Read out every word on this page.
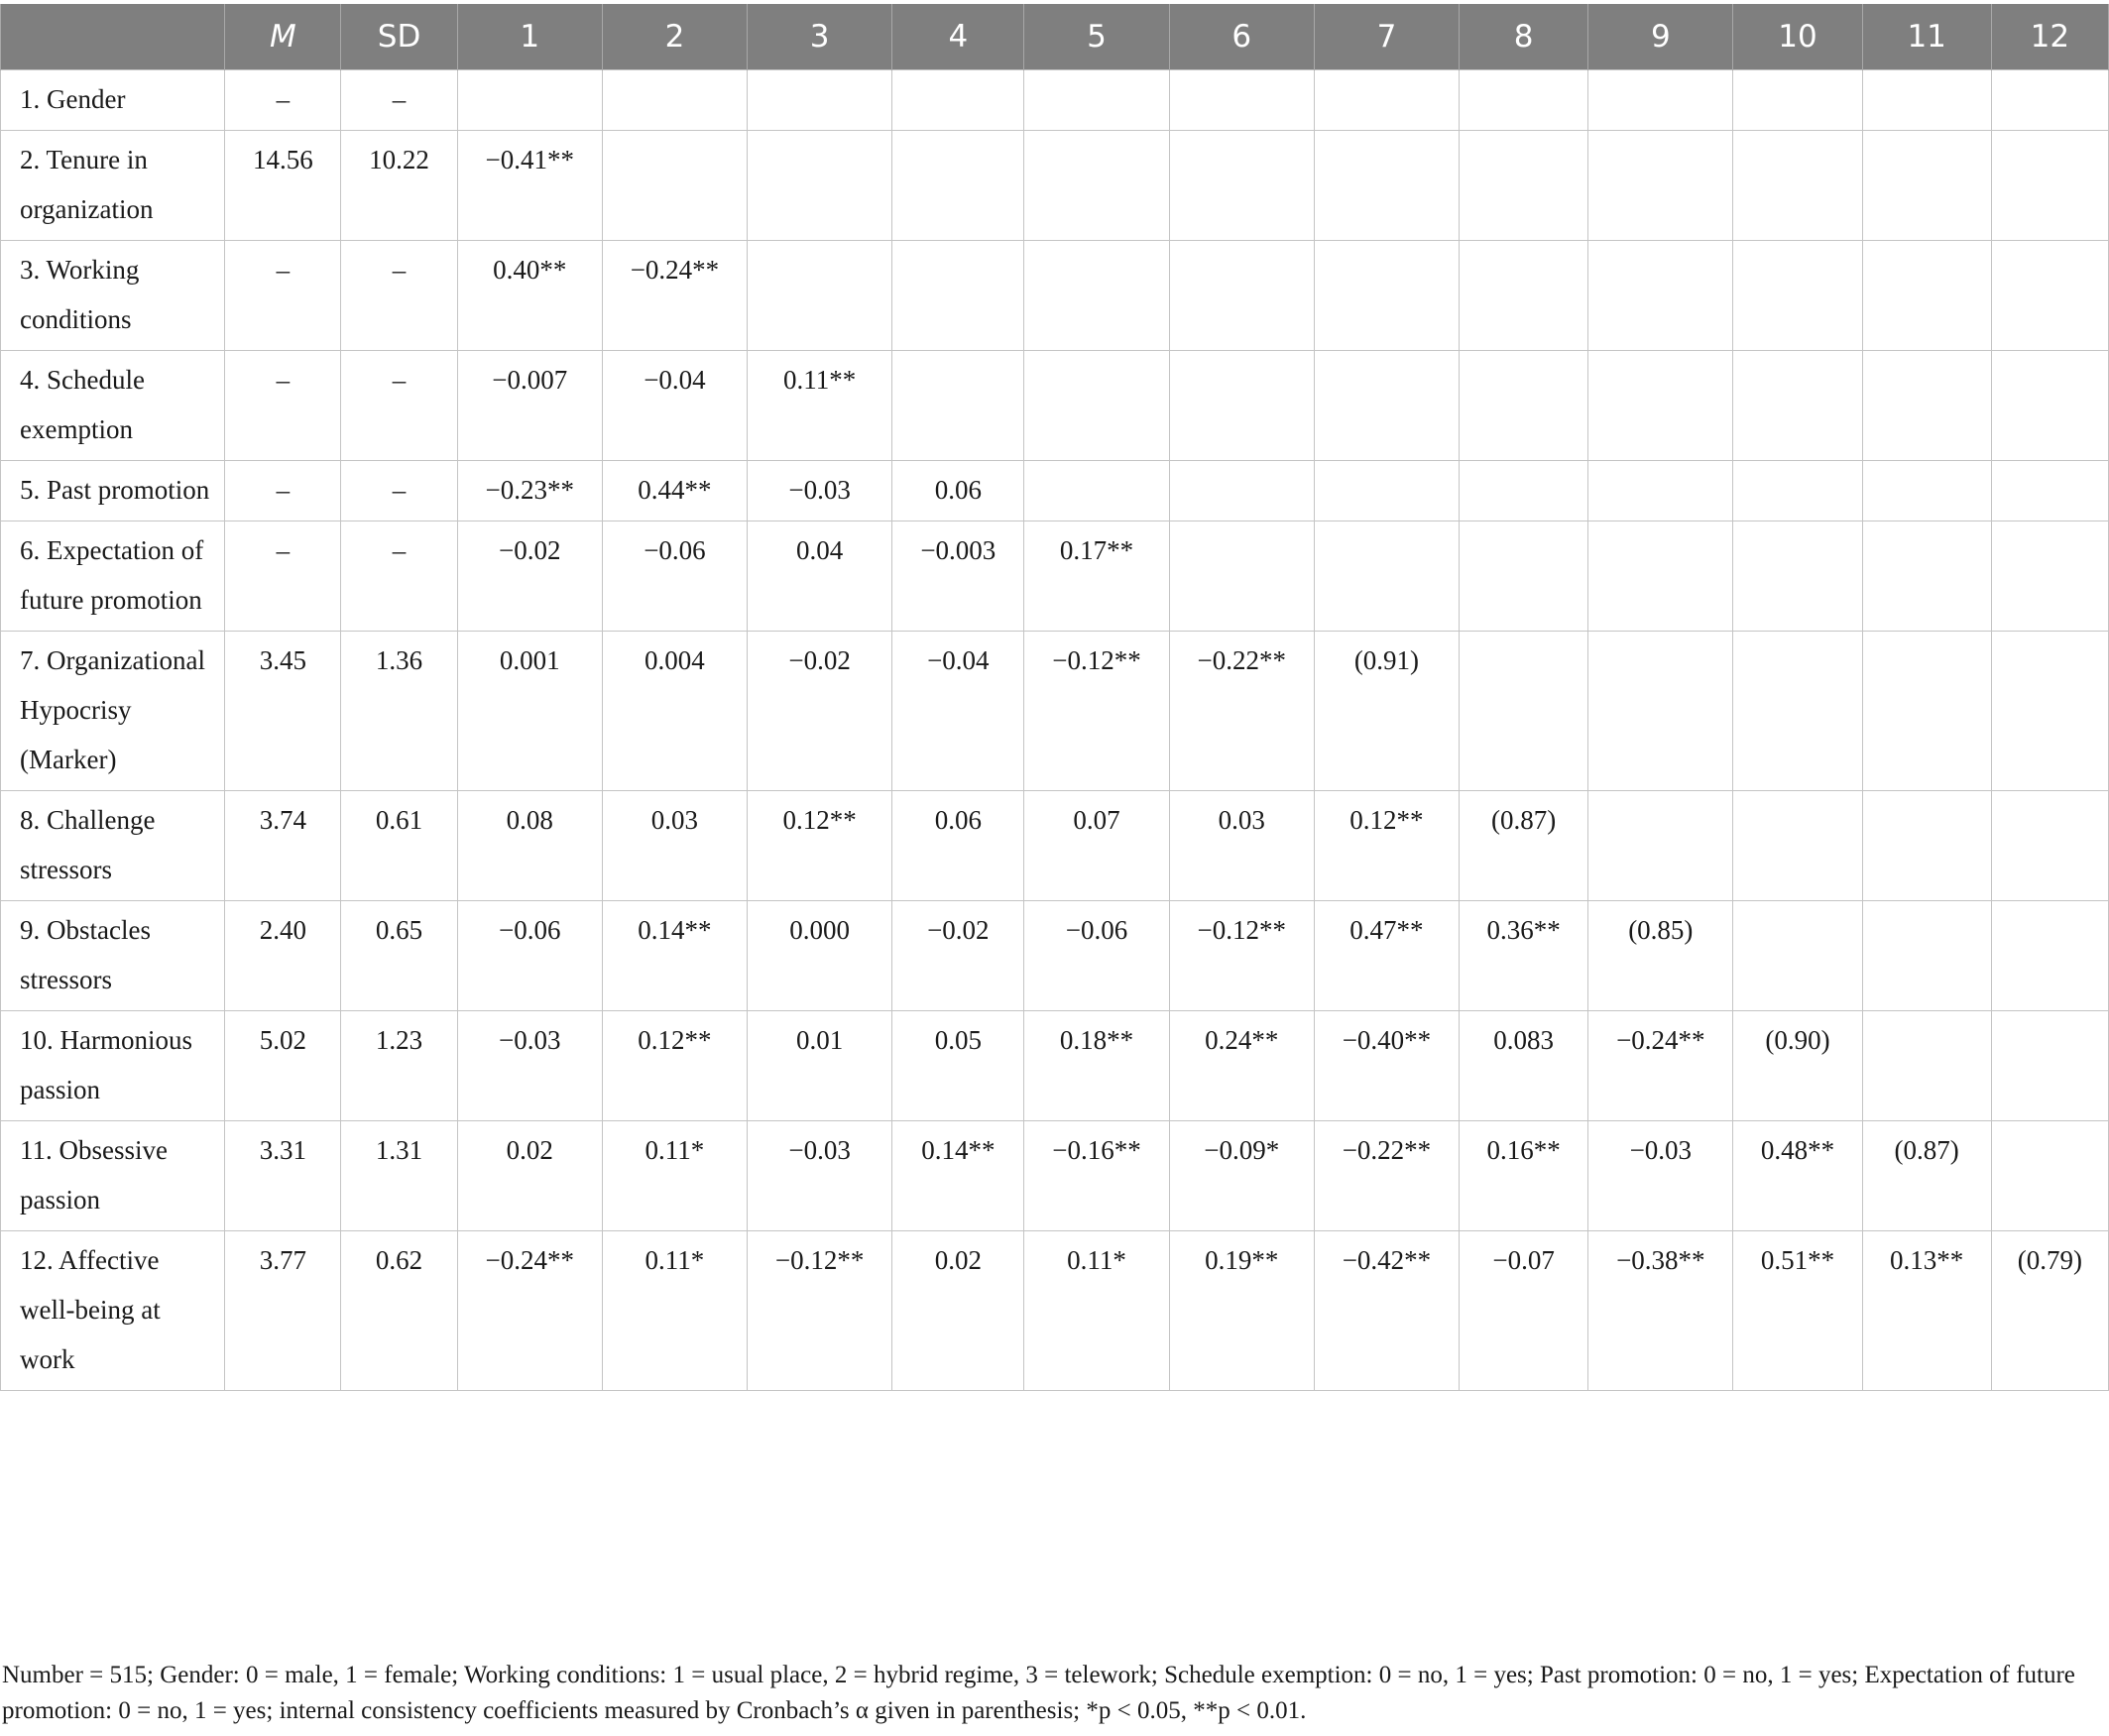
	M	SD	1	2	3	4	5	6	7	8	9	10	11	12
1. Gender	–	–												
2. Tenure in organization	14.56	10.22	−0.41**											
3. Working conditions	–	–	0.40**	−0.24**										
4. Schedule exemption	–	–	−0.007	−0.04	0.11**									
5. Past promotion	–	–	−0.23**	0.44**	−0.03	0.06								
6. Expectation of future promotion	–	–	−0.02	−0.06	0.04	−0.003	0.17**							
7. Organizational Hypocrisy (Marker)	3.45	1.36	0.001	0.004	−0.02	−0.04	−0.12**	−0.22**	(0.91)					
8. Challenge stressors	3.74	0.61	0.08	0.03	0.12**	0.06	0.07	0.03	0.12**	(0.87)				
9. Obstacles stressors	2.40	0.65	−0.06	0.14**	0.000	−0.02	−0.06	−0.12**	0.47**	0.36**	(0.85)			
10. Harmonious passion	5.02	1.23	−0.03	0.12**	0.01	0.05	0.18**	0.24**	−0.40**	0.083	−0.24**	(0.90)		
11. Obsessive passion	3.31	1.31	0.02	0.11*	−0.03	0.14**	−0.16**	−0.09*	−0.22**	0.16**	−0.03	0.48**	(0.87)	
12. Affective well-being at work	3.77	0.62	−0.24**	0.11*	−0.12**	0.02	0.11*	0.19**	−0.42**	−0.07	−0.38**	0.51**	0.13**	(0.79)
Number = 515; Gender: 0 = male, 1 = female; Working conditions: 1 = usual place, 2 = hybrid regime, 3 = telework; Schedule exemption: 0 = no, 1 = yes; Past promotion: 0 = no, 1 = yes; Expectation of future promotion: 0 = no, 1 = yes; internal consistency coefficients measured by Cronbach’s α given in parenthesis; *p < 0.05, **p < 0.01.
